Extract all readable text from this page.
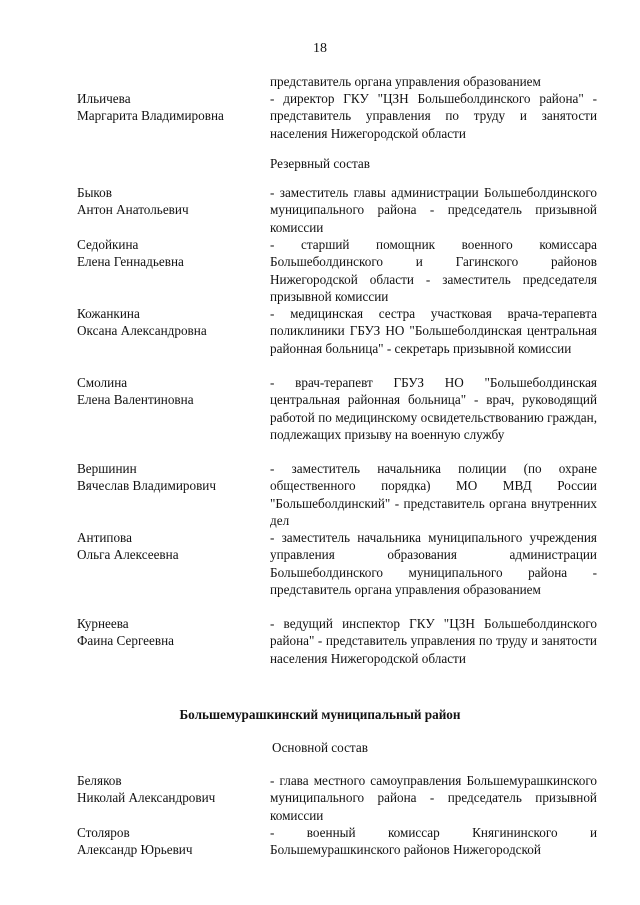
18
представитель органа управления образованием
Ильичева
Маргарита Владимировна
- директор ГКУ "ЦЗН Большеболдинского района" - представитель управления по труду и занятости населения Нижегородской области
Резервный состав
Быков
Антон Анатольевич
- заместитель главы администрации Большеболдинского муниципального района - председатель призывной комиссии
Седойкина
Елена Геннадьевна
- старший помощник военного комиссара Большеболдинского и Гагинского районов Нижегородской области - заместитель председателя призывной комиссии
Кожанкина
Оксана Александровна
- медицинская сестра участковая врача-терапевта поликлиники ГБУЗ НО "Большеболдинская центральная районная больница" - секретарь призывной комиссии
Смолина
Елена Валентиновна
- врач-терапевт ГБУЗ НО "Большеболдинская центральная районная больница" - врач, руководящий работой по медицинскому освидетельствованию граждан, подлежащих призыву на военную службу
Вершинин
Вячеслав Владимирович
- заместитель начальника полиции (по охране общественного порядка) МО МВД России "Большеболдинский" - представитель органа внутренних дел
Антипова
Ольга Алексеевна
- заместитель начальника муниципального учреждения управления образования администрации Большеболдинского муниципального района - представитель органа управления образованием
Курнеева
Фаина Сергеевна
- ведущий инспектор ГКУ "ЦЗН Большеболдинского района" - представитель управления по труду и занятости населения Нижегородской области
Большемурашкинский муниципальный район
Основной состав
Беляков
Николай Александрович
- глава местного самоуправления Большемурашкинского муниципального района - председатель призывной комиссии
Столяров
Александр Юрьевич
- военный комиссар Княгининского и Большемурашкинского районов Нижегородской
